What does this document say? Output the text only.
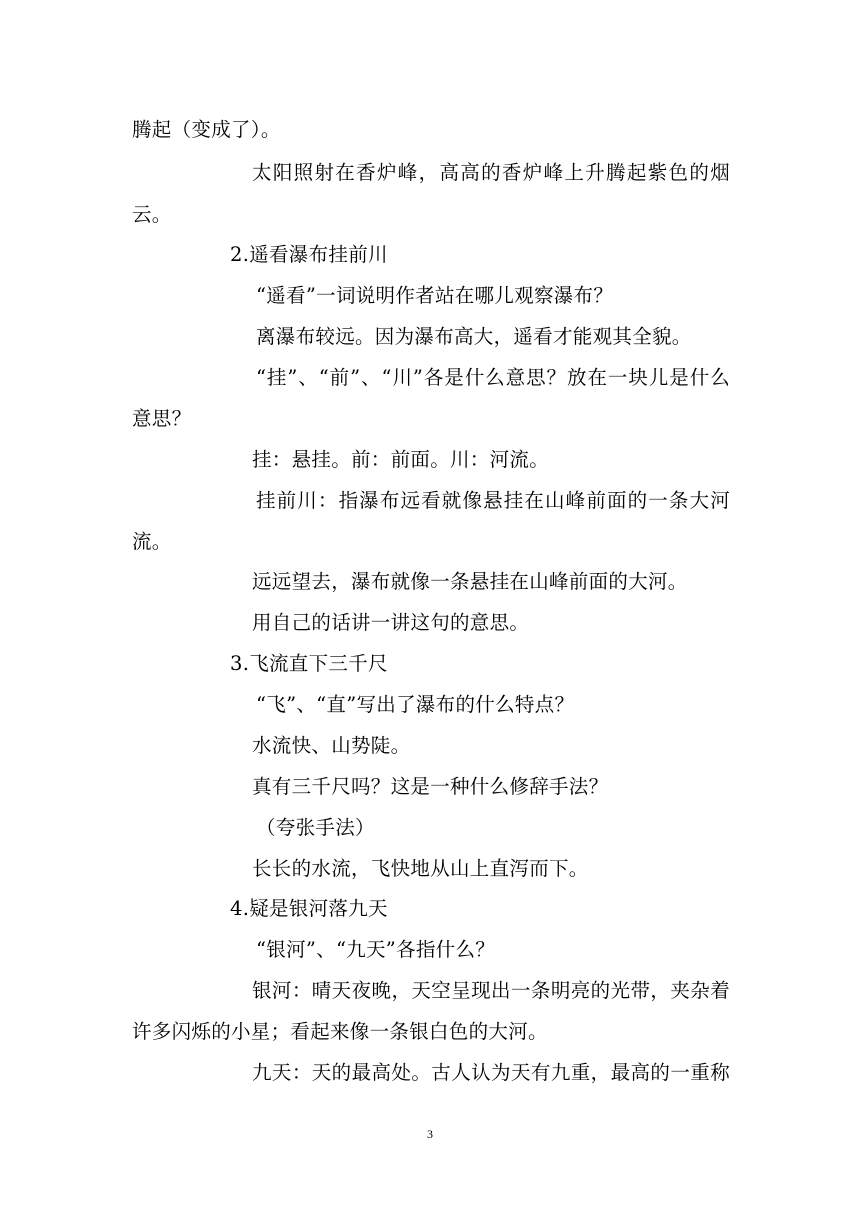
腾起（变成了）。
太阳照射在香炉峰，高高的香炉峰上升腾起紫色的烟
云。
2.遥看瀑布挂前川
“遥看”一词说明作者站在哪儿观察瀑布？
离瀑布较远。因为瀑布高大，遥看才能观其全貌。
“挂”、“前”、“川”各是什么意思？放在一块儿是什么
意思？
挂：悬挂。前：前面。川：河流。
挂前川：指瀑布远看就像悬挂在山峰前面的一条大河
流。
远远望去，瀑布就像一条悬挂在山峰前面的大河。
用自己的话讲一讲这句的意思。
3.飞流直下三千尺
“飞”、“直”写出了瀑布的什么特点？
水流快、山势陡。
真有三千尺吗？这是一种什么修辞手法？
（夸张手法）
长长的水流，飞快地从山上直泻而下。
4.疑是银河落九天
“银河”、“九天”各指什么？
银河：晴天夜晚，天空呈现出一条明亮的光带，夹杂着
许多闪烁的小星；看起来像一条银白色的大河。
九天：天的最高处。古人认为天有九重，最高的一重称
3
